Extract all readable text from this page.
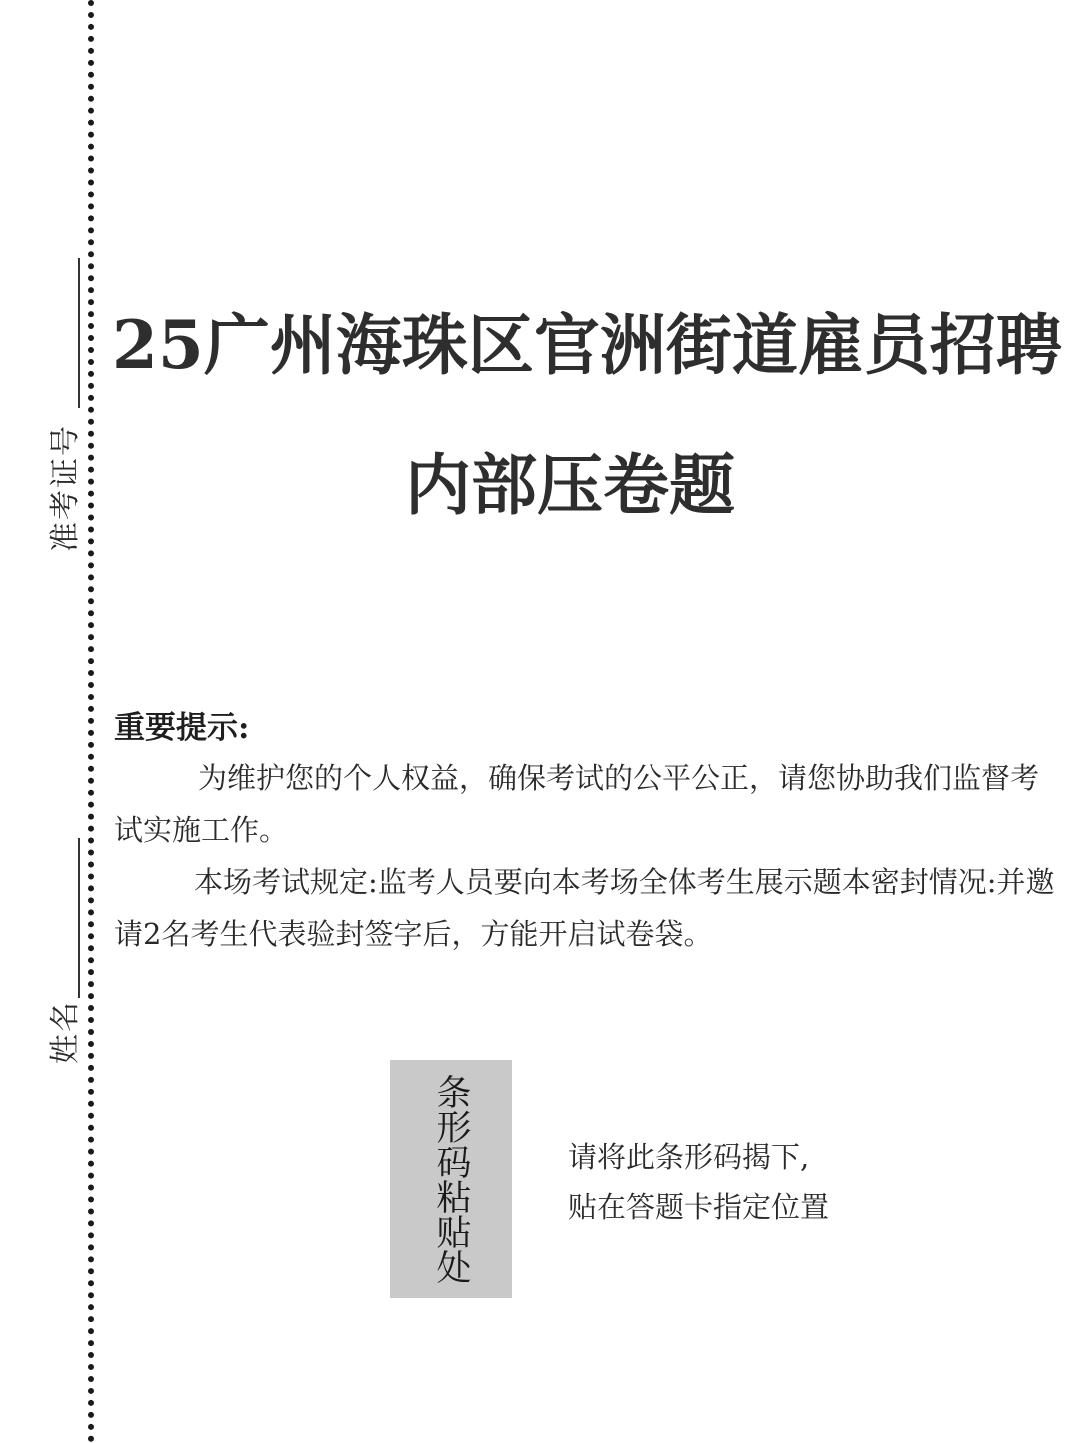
准考证号
姓名
25广州海珠区官洲街道雇员招聘
内部压卷题
重要提示:
为维护您的个人权益，确保考试的公平公正，请您协助我们监督考试实施工作。
本场考试规定:监考人员要向本考场全体考生展示题本密封情况:并邀请2名考生代表验封签字后，方能开启试卷袋。
条形码粘贴处	请将此条形码揭下,
贴在答题卡指定位置
